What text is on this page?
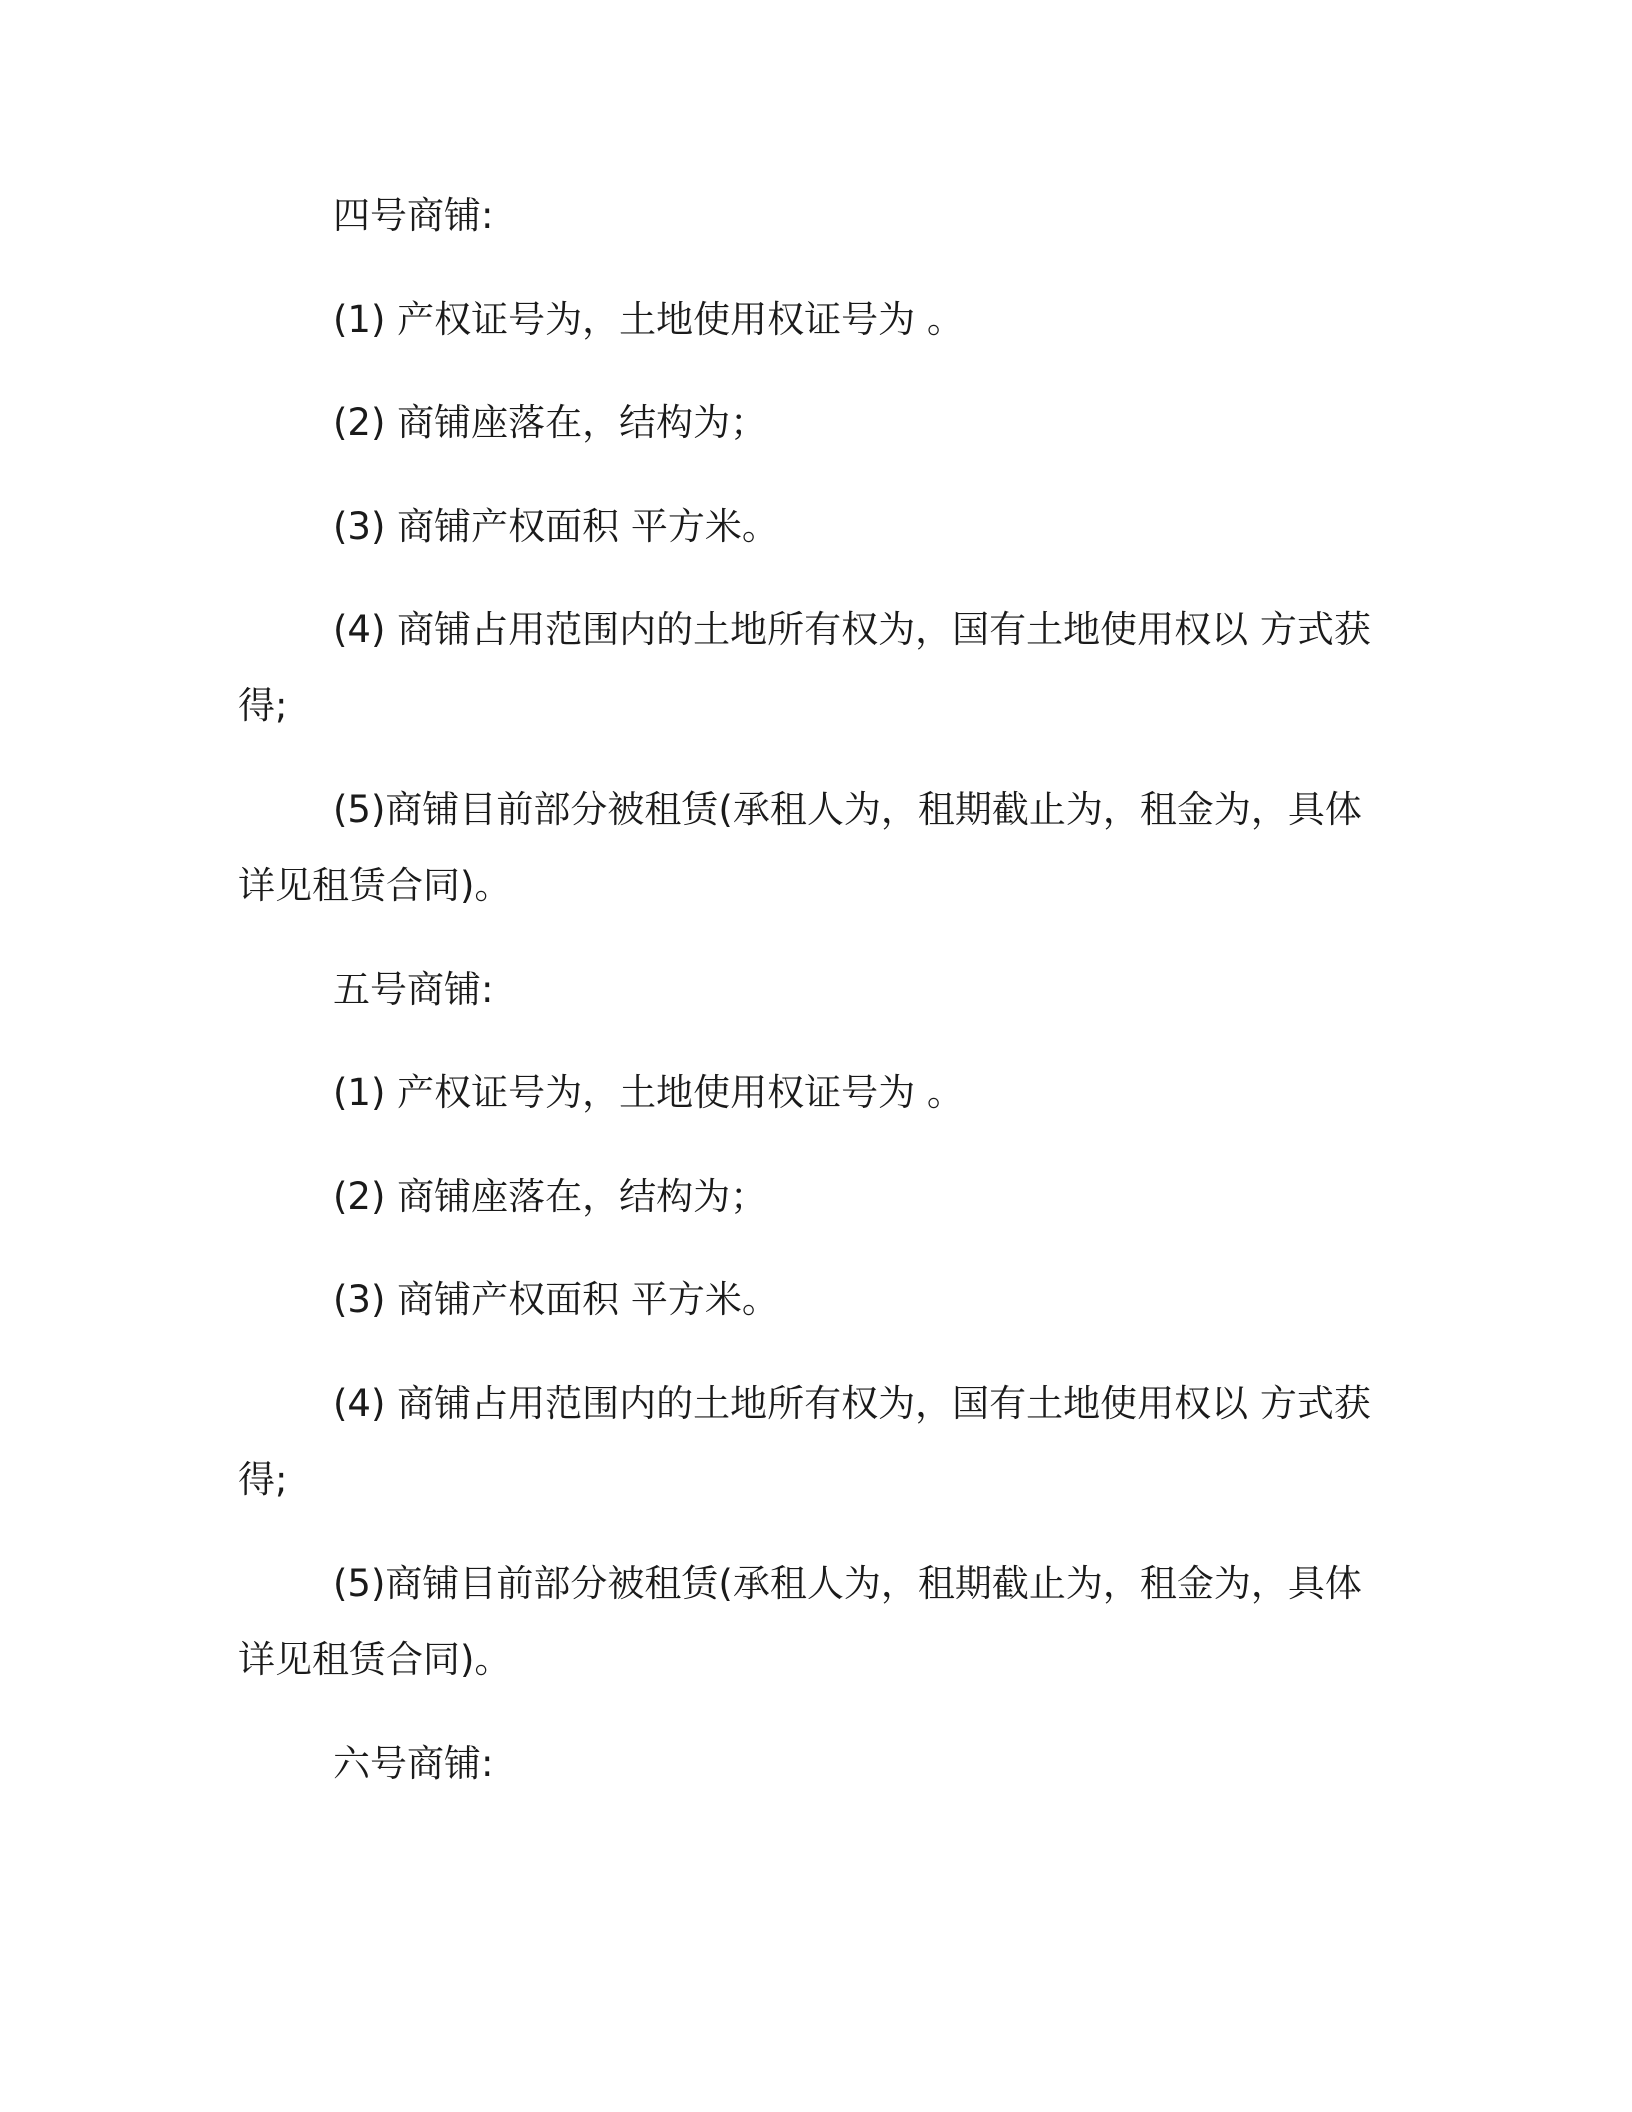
四号商铺:

(1) 产权证号为，土地使用权证号为 。

(2) 商铺座落在，结构为；

(3) 商铺产权面积 平方米。

(4) 商铺占用范围内的土地所有权为，国有土地使用权以 方式获得;

(5)商铺目前部分被租赁(承租人为，租期截止为，租金为，具体详见租赁合同)。

五号商铺:

(1) 产权证号为，土地使用权证号为 。

(2) 商铺座落在，结构为；

(3) 商铺产权面积 平方米。

(4) 商铺占用范围内的土地所有权为，国有土地使用权以 方式获得;

(5)商铺目前部分被租赁(承租人为，租期截止为，租金为，具体详见租赁合同)。

六号商铺:
